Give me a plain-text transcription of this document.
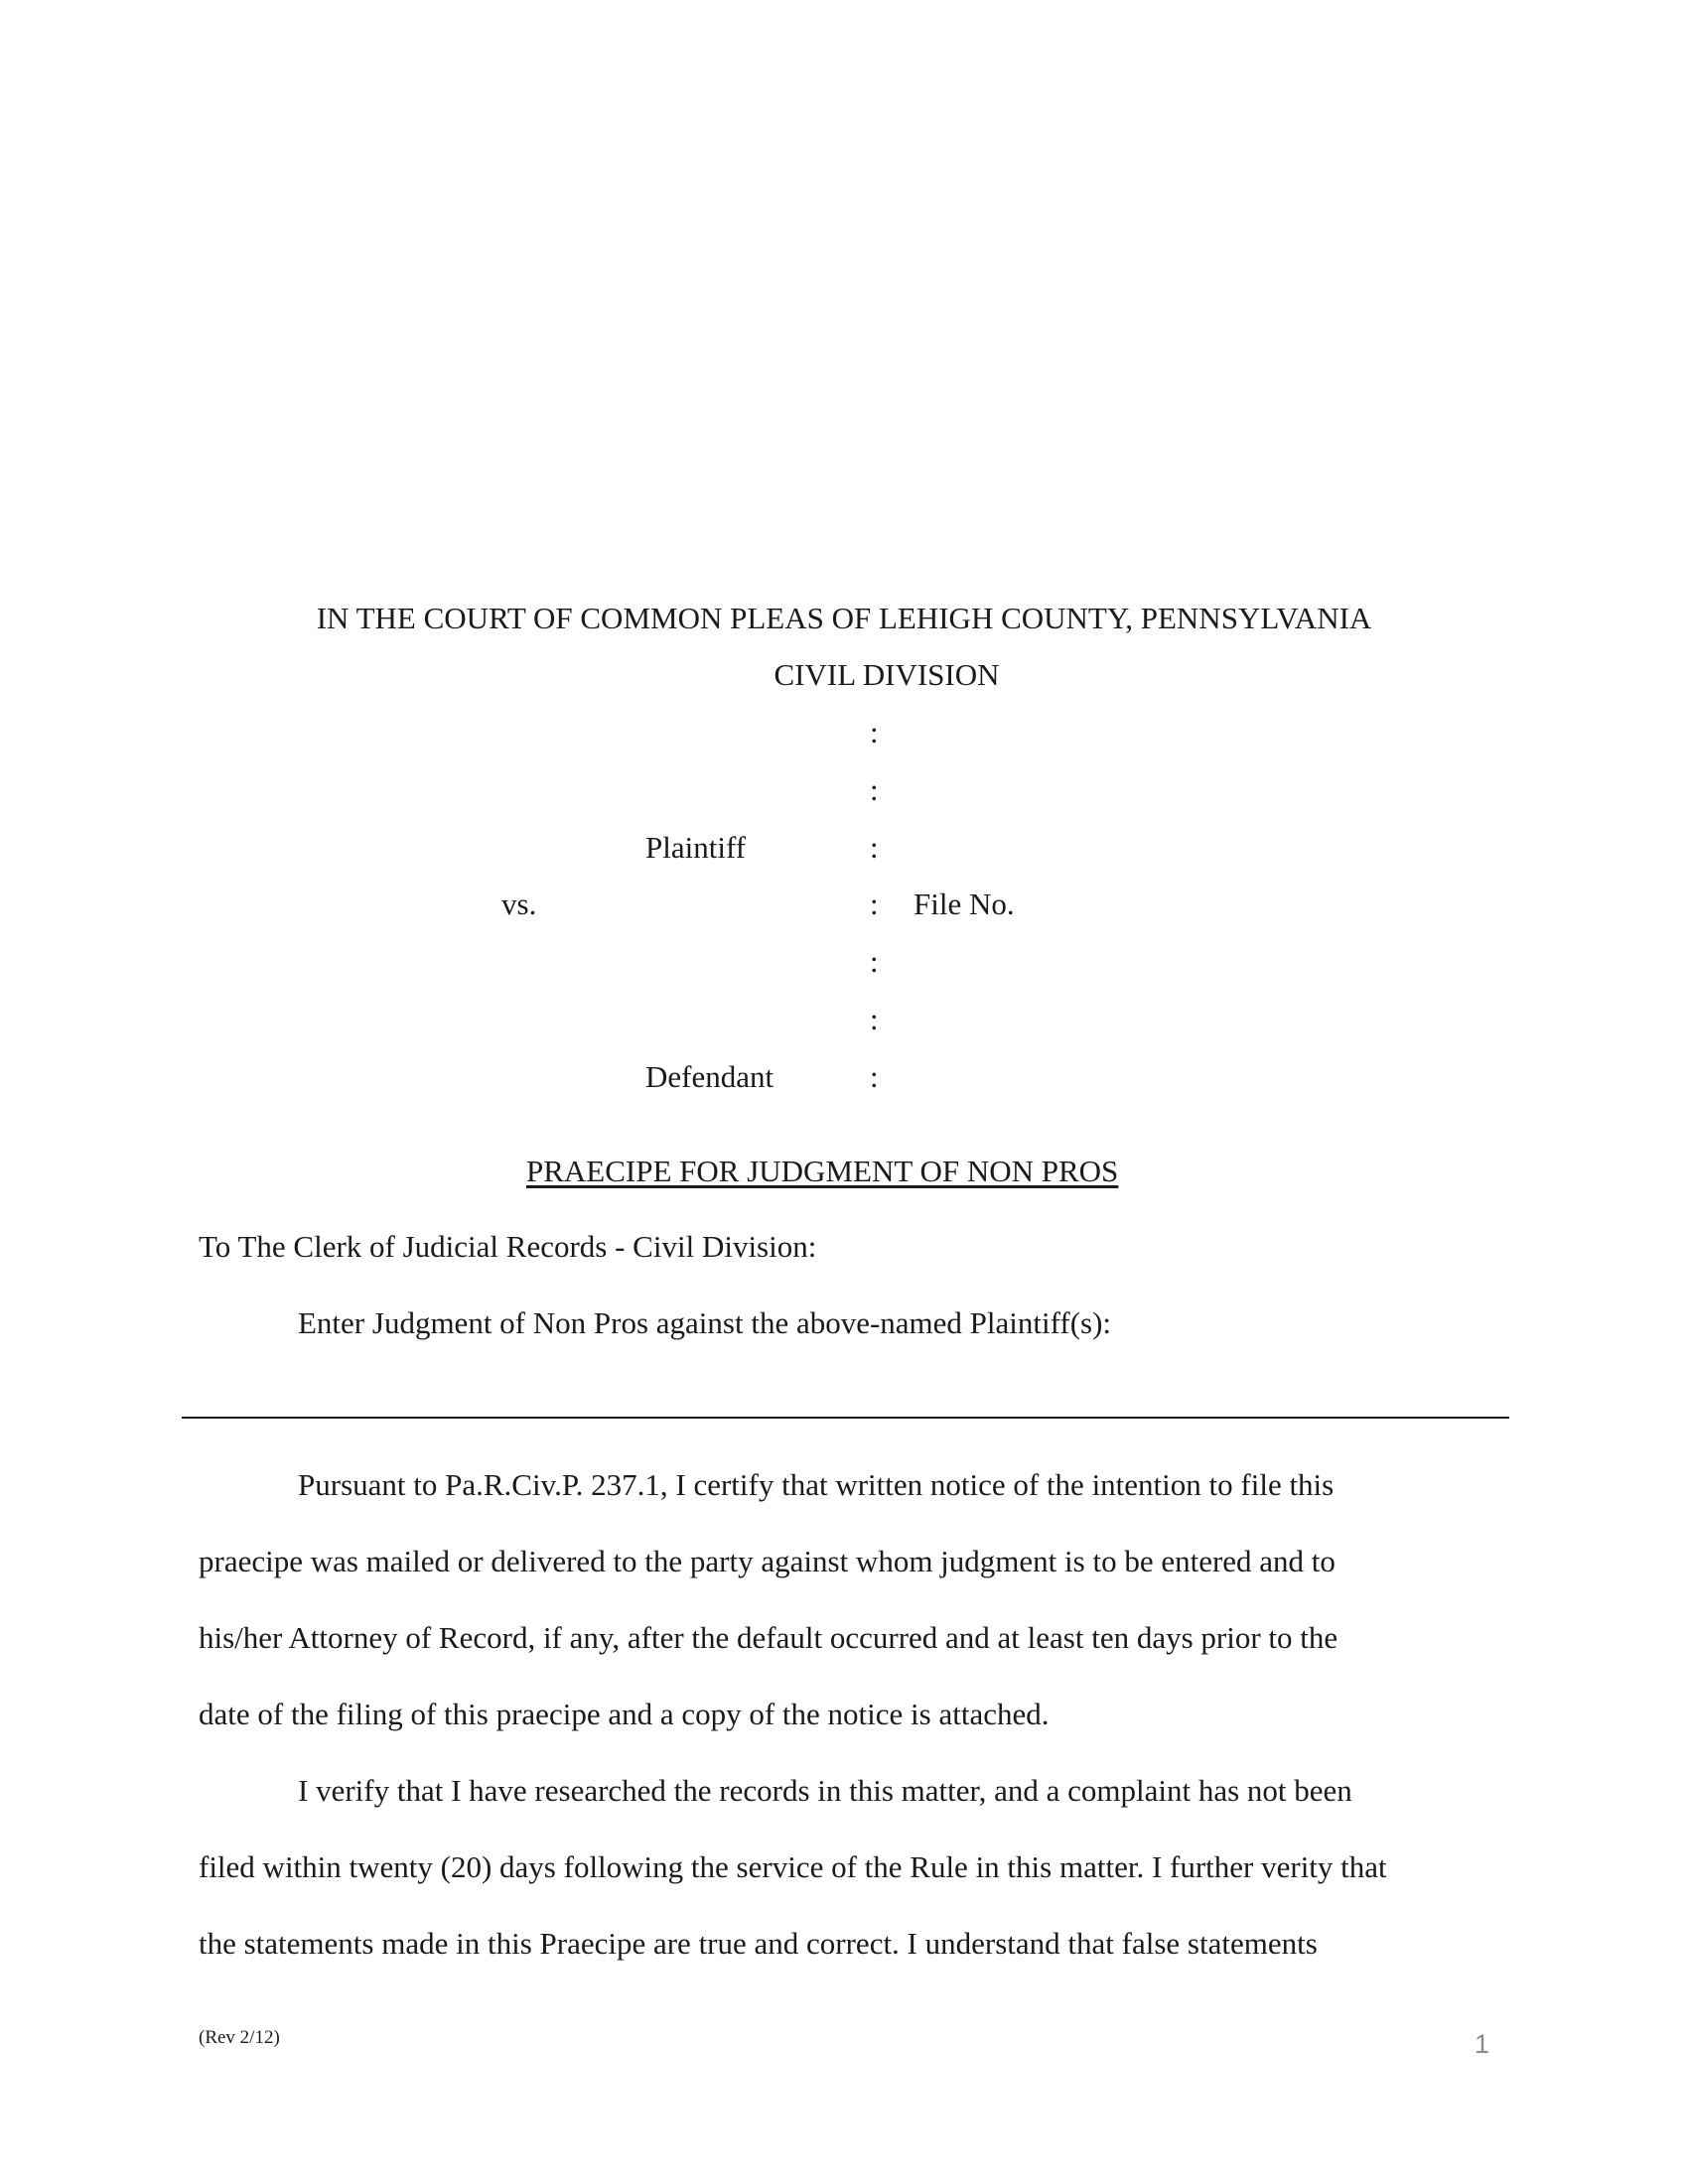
IN THE COURT OF COMMON PLEAS OF LEHIGH COUNTY, PENNSYLVANIA
CIVIL DIVISION
:
:
:
:
:
:
:
Plaintiff
vs.	File No.
Defendant
PRAECIPE FOR JUDGMENT OF NON PROS
To The Clerk of Judicial Records - Civil Division:
Enter Judgment of Non Pros against the above-named Plaintiff(s):
Pursuant to Pa.R.Civ.P. 237.1, I certify that written notice of the intention to file this
praecipe was mailed or delivered to the party against whom judgment is to be entered and to
his/her Attorney of Record, if any, after the default occurred and at least ten days prior to the
date of the filing of this praecipe and a copy of the notice is attached.
I verify that I have researched the records in this matter, and a complaint has not been
filed within twenty (20) days following the service of the Rule in this matter. I further verity that
the statements made in this Praecipe are true and correct. I understand that false statements
(Rev 2/12)	1
